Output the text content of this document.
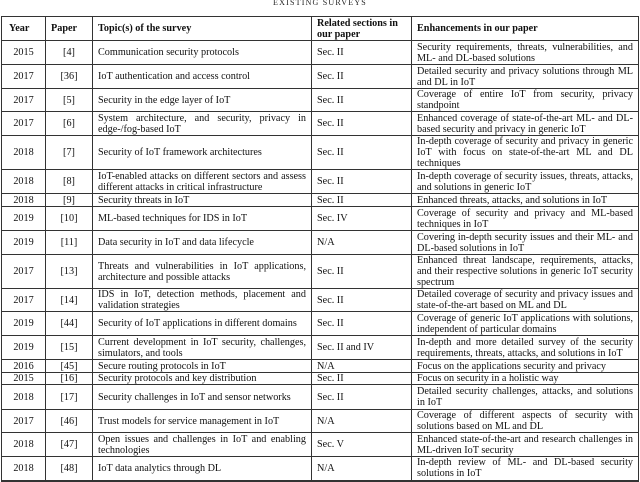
EXISTING SURVEYS
Year	Paper	Topic(s) of the survey	Related sections in our paper	Enhancements in our paper
2015	[4]	Communication security protocols	Sec. II	Security requirements, threats, vulnerabilities, and ML- and DL-based solutions
2017	[36]	IoT authentication and access control	Sec. II	Detailed security and privacy solutions through ML and DL in IoT
2017	[5]	Security in the edge layer of IoT	Sec. II	Coverage of entire IoT from security, privacy standpoint
2017	[6]	System architecture, and security, privacy in edge-/fog-based IoT	Sec. II	Enhanced coverage of state-of-the-art ML- and DL-based security and privacy in generic IoT
2018	[7]	Security of IoT framework architectures	Sec. II	In-depth coverage of security and privacy in generic IoT with focus on state-of-the-art ML and DL techniques
2018	[8]	IoT-enabled attacks on different sectors and assess different attacks in critical infrastructure	Sec. II	In-depth coverage of security issues, threats, attacks, and solutions in generic IoT
2018	[9]	Security threats in IoT	Sec. II	Enhanced threats, attacks, and solutions in IoT
2019	[10]	ML-based techniques for IDS in IoT	Sec. IV	Coverage of security and privacy and ML-based techniques in IoT
2019	[11]	Data security in IoT and data lifecycle	N/A	Covering in-depth security issues and their ML- and DL-based solutions in IoT
2017	[13]	Threats and vulnerabilities in IoT applications, architecture and possible attacks	Sec. II	Enhanced threat landscape, requirements, attacks, and their respective solutions in generic IoT security spectrum
2017	[14]	IDS in IoT, detection methods, placement and validation strategies	Sec. II	Detailed coverage of security and privacy issues and state-of-the-art based on ML and DL
2019	[44]	Security of IoT applications in different domains	Sec. II	Coverage of generic IoT applications with solutions, independent of particular domains
2019	[15]	Current development in IoT security, challenges, simulators, and tools	Sec. II and IV	In-depth and more detailed survey of the security requirements, threats, attacks, and solutions in IoT
2016	[45]	Secure routing protocols in IoT	N/A	Focus on the applications security and privacy
2015	[16]	Security protocols and key distribution	Sec. II	Focus on security in a holistic way
2018	[17]	Security challenges in IoT and sensor networks	Sec. II	Detailed security challenges, attacks, and solutions in IoT
2017	[46]	Trust models for service management in IoT	N/A	Coverage of different aspects of security with solutions based on ML and DL
2018	[47]	Open issues and challenges in IoT and enabling technologies	Sec. V	Enhanced state-of-the-art and research challenges in ML-driven IoT security
2018	[48]	IoT data analytics through DL	N/A	In-depth review of ML- and DL-based security solutions in IoT
